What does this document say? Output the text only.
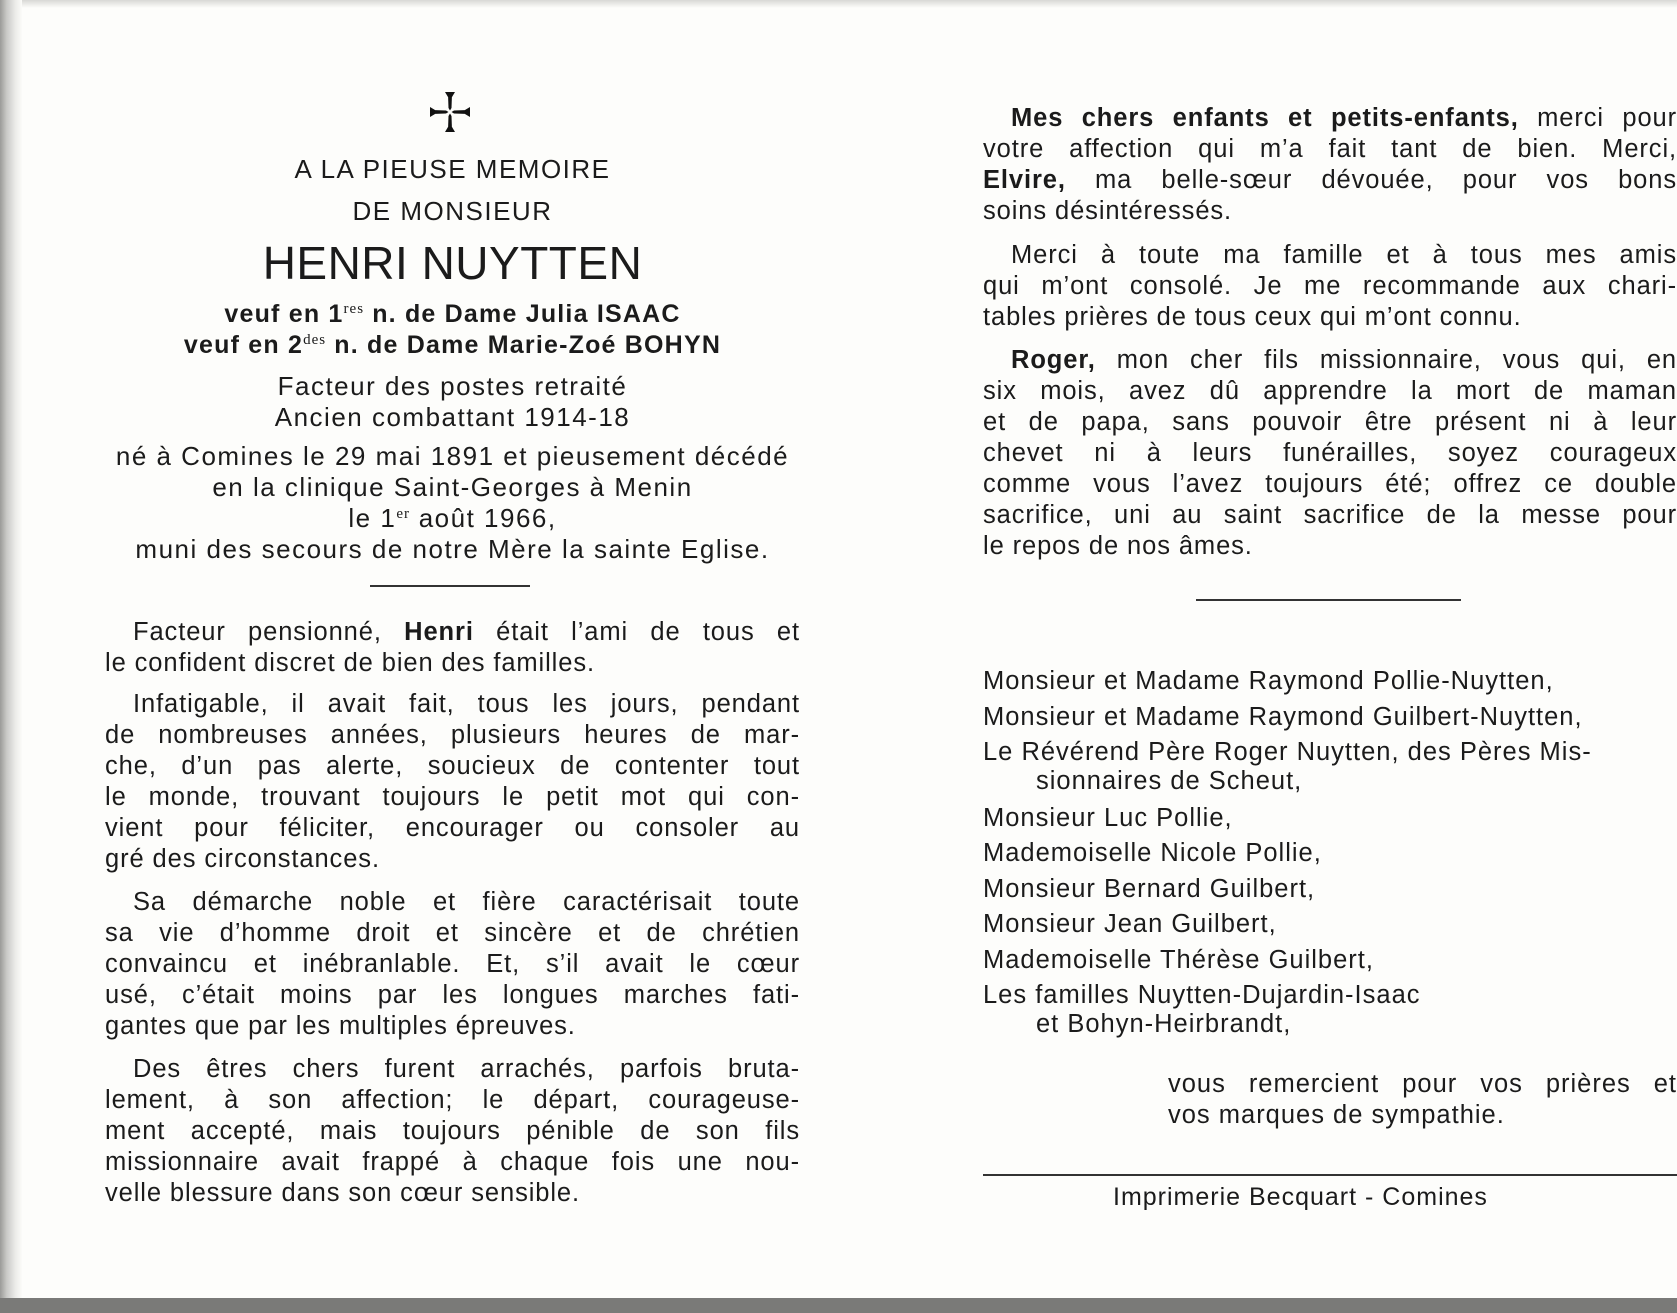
A LA PIEUSE MEMOIRE
DE MONSIEUR
HENRI NUYTTEN
veuf en 1res n. de Dame Julia ISAAC
veuf en $2^{des}$ n. de Dame Marie-Zoé BOHYN
Facteur des postes retraité
Ancien combattant 1914-18
né à Comines le 29 mai 1891 et pieusement décédé
en la clinique Saint-Georges à Menin
le 1er août 1966,
muni des secours de notre Mère la sainte Eglise.
Facteur pensionné, Henri était l’ami de tous et
le confident discret de bien des familles.
Infatigable, il avait fait, tous les jours, pendant
de nombreuses années, plusieurs heures de mar-
che, d’un pas alerte, soucieux de contenter tout
le monde, trouvant toujours le petit mot qui con-
vient pour féliciter, encourager ou consoler au
gré des circonstances.
Sa démarche noble et fière caractérisait toute
sa vie d’homme droit et sincère et de chrétien
convaincu et inébranlable. Et, s’il avait le cœur
usé, c’était moins par les longues marches fati-
gantes que par les multiples épreuves.
Des êtres chers furent arrachés, parfois bruta-
lement, à son affection; le départ, courageuse-
ment accepté, mais toujours pénible de son fils
missionnaire avait frappé à chaque fois une nou-
velle blessure dans son cœur sensible.
Mes chers enfants et petits-enfants, merci pour
votre affection qui m’a fait tant de bien. Merci,
Elvire, ma belle-sœur dévouée, pour vos bons
soins désintéressés.
Merci à toute ma famille et à tous mes amis
qui m’ont consolé. Je me recommande aux chari-
tables prières de tous ceux qui m’ont connu.
Roger, mon cher fils missionnaire, vous qui, en
six mois, avez dû apprendre la mort de maman
et de papa, sans pouvoir être présent ni à leur
chevet ni à leurs funérailles, soyez courageux
comme vous l’avez toujours été; offrez ce double
sacrifice, uni au saint sacrifice de la messe pour
le repos de nos âmes.
Monsieur et Madame Raymond Pollie-Nuytten,
Monsieur et Madame Raymond Guilbert-Nuytten,
Le Révérend Père Roger Nuytten, des Pères Mis-
sionnaires de Scheut,
Monsieur Luc Pollie,
Mademoiselle Nicole Pollie,
Monsieur Bernard Guilbert,
Monsieur Jean Guilbert,
Mademoiselle Thérèse Guilbert,
Les familles Nuytten-Dujardin-Isaac
et Bohyn-Heirbrandt,
vous remercient pour vos prières et
vos marques de sympathie.
Imprimerie Becquart - Comines
